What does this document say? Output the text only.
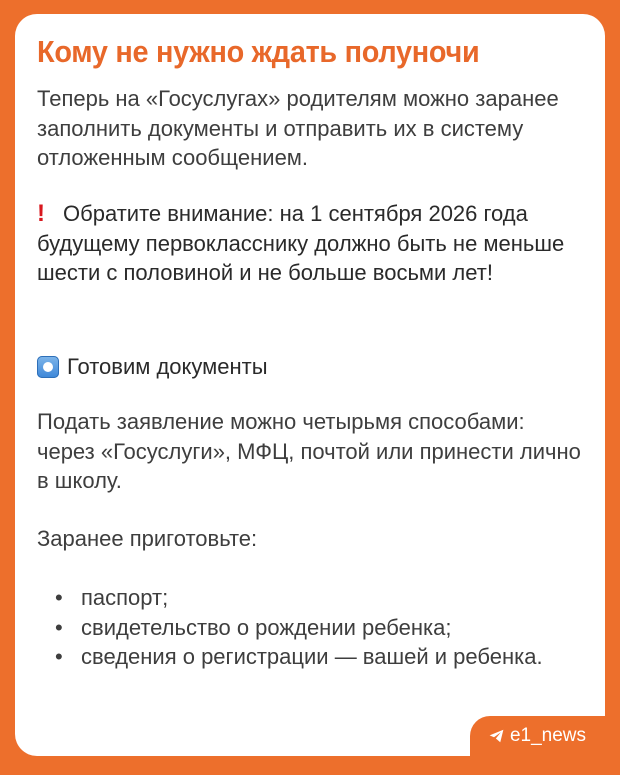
Кому не нужно ждать полуночи

Теперь на «Госуслугах» родителям можно заранее заполнить документы и отправить их в систему отложенным сообщением.

! Обратите внимание: на 1 сентября 2026 года будущему первокласснику должно быть не меньше шести с половиной и не больше восьми лет!

Готовим документы

Подать заявление можно четырьмя способами: через «Госуслуги», МФЦ, почтой или принести лично в школу.

Заранее приготовьте:

• паспорт;
• свидетельство о рождении ребенка;
• сведения о регистрации — вашей и ребенка.
e1_news
